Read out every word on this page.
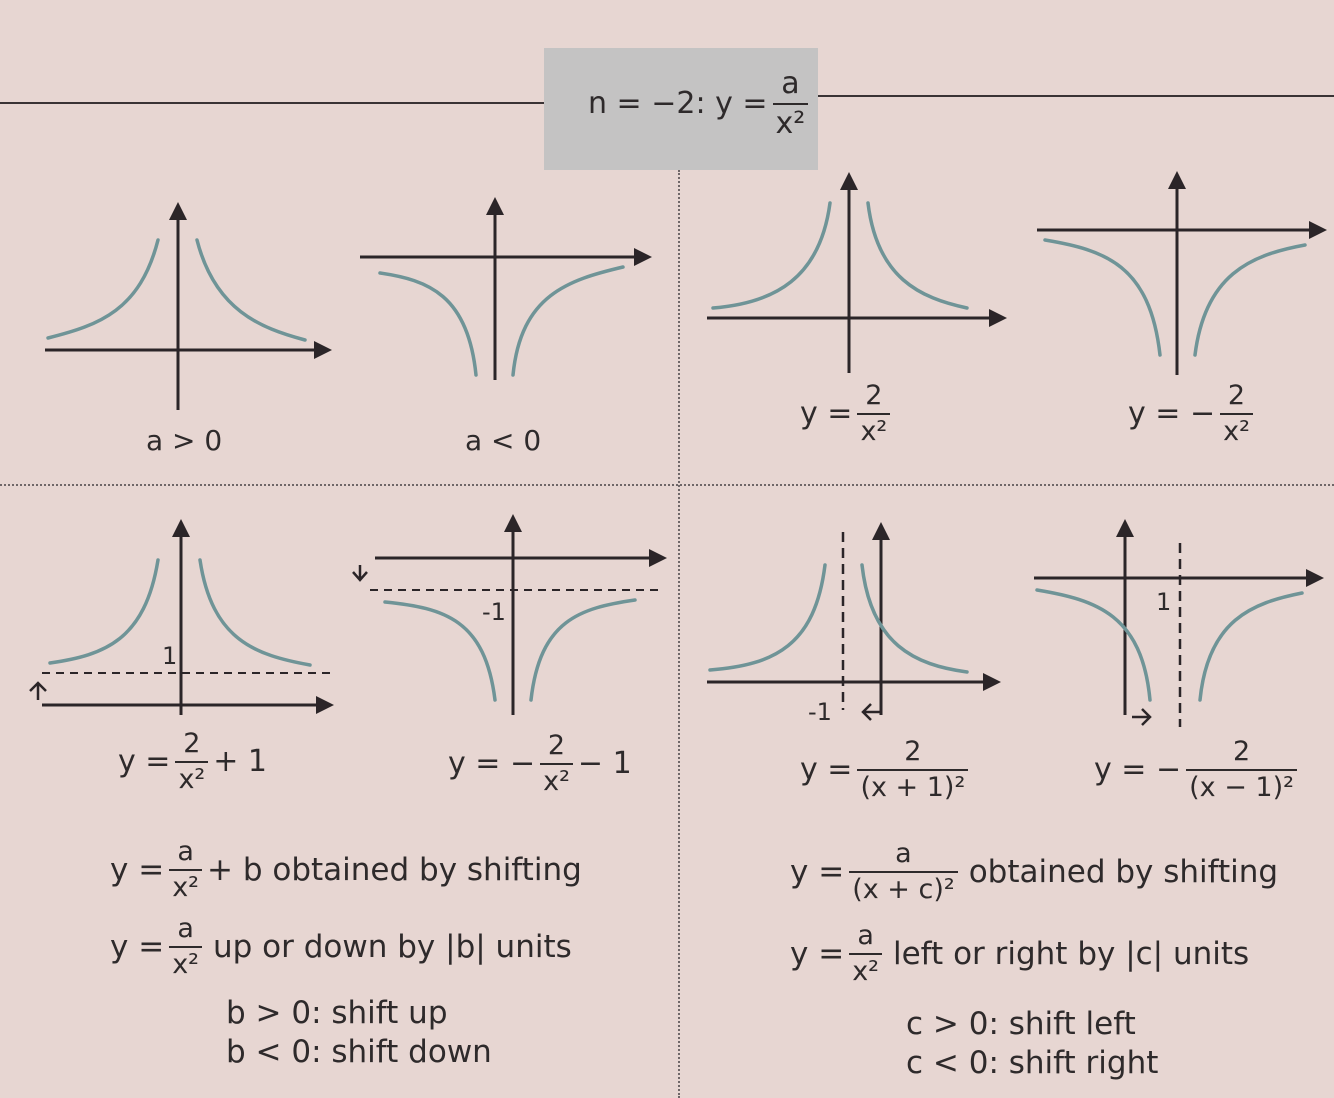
n = −2: $y = \frac{a}{\text{x²}}$
a > 0	a < 0
$y = \frac{2}{\text{x²}}$	y = − $\frac{2}{\text{x²}}$
1
$y = \frac{2}{\text{x²}} + 1$
-1
y = − $\frac{2}{\text{x²}} - 1$
-1
$y = \frac{2}{\text{(x + 1)²}}$
1
y = − $\frac{2}{\text{(x − 1)²}}$
$y = \frac{a}{\text{x²}} + b$ obtained by shifting
$y = \frac{a}{\text{x²}}$ up or down by |b| units
b > 0: shift up
b < 0: shift down
$y = \frac{a}{\text{(x + c)²}}$ obtained by shifting
$y = \frac{a}{\text{x²}}$ left or right by |c| units
c > 0: shift left
c < 0: shift right
